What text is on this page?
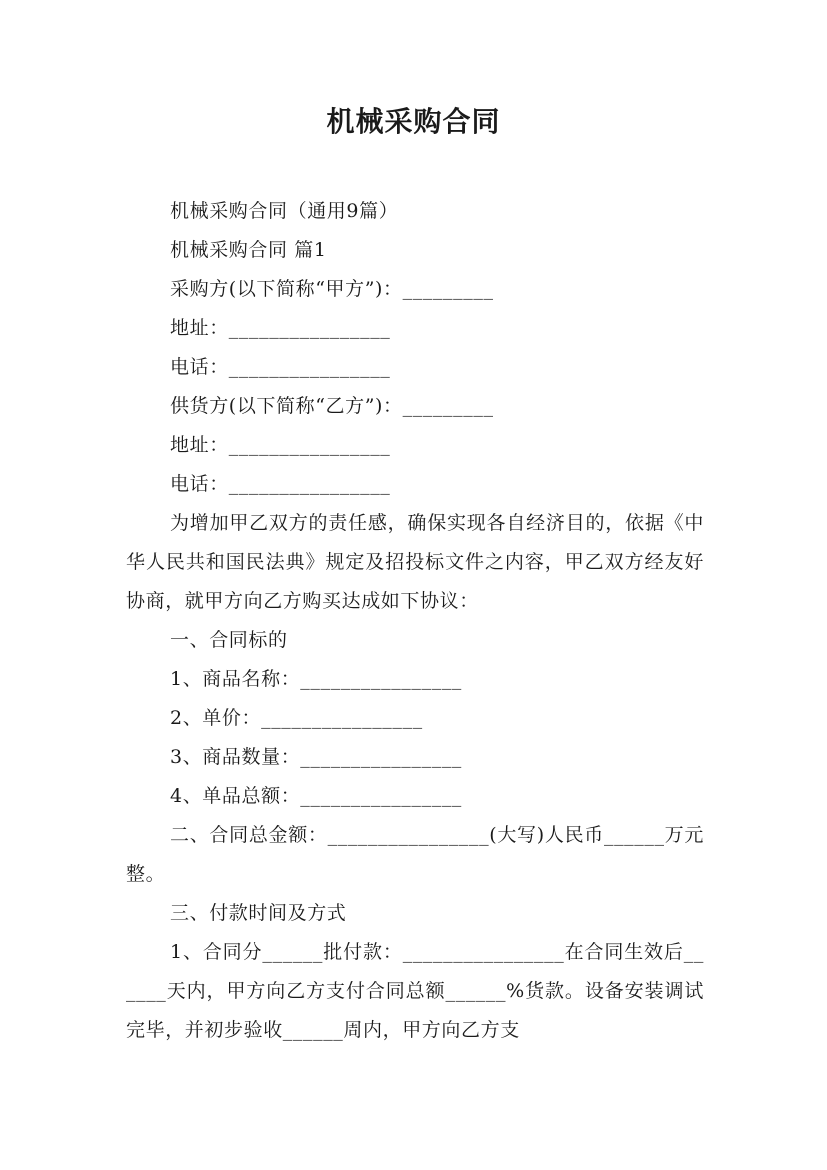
机械采购合同

机械采购合同（通用9篇）

机械采购合同 篇1

采购方(以下简称“甲方”)：_________

地址：________________

电话：________________

供货方(以下简称“乙方”)：_________

地址：________________

电话：________________

为增加甲乙双方的责任感，确保实现各自经济目的，依据《中华人民共和国民法典》规定及招投标文件之内容，甲乙双方经友好协商，就甲方向乙方购买达成如下协议：

一、合同标的

1、商品名称：________________

2、单价：________________

3、商品数量：________________

4、单品总额：________________

二、合同总金额：________________(大写)人民币______万元整。

三、付款时间及方式

1、合同分______批付款：________________在合同生效后______天内，甲方向乙方支付合同总额______%货款。设备安装调试完毕，并初步验收______周内，甲方向乙方支
